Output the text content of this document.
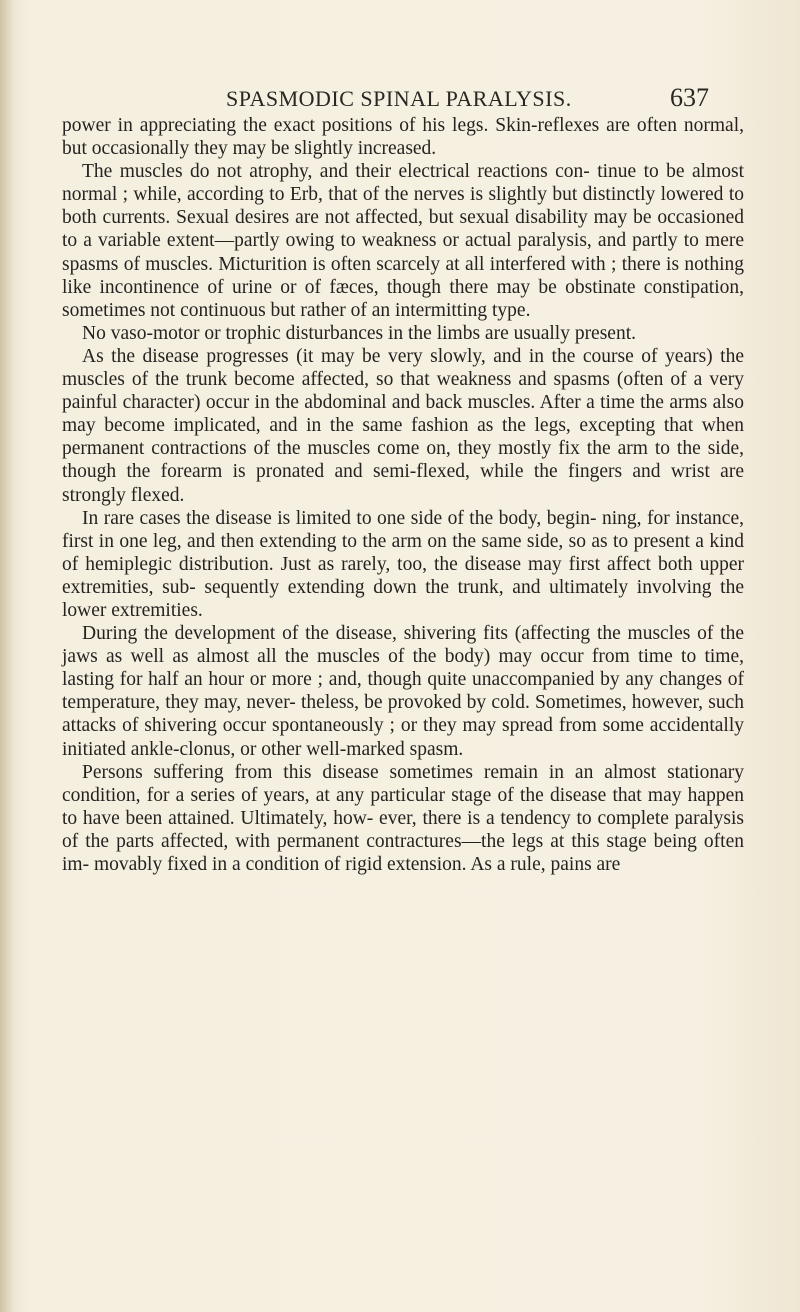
SPASMODIC SPINAL PARALYSIS.	637

power in appreciating the exact positions of his legs. Skin-reflexes are often normal, but occasionally they may be slightly increased.

The muscles do not atrophy, and their electrical reactions con- tinue to be almost normal ; while, according to Erb, that of the nerves is slightly but distinctly lowered to both currents. Sexual desires are not affected, but sexual disability may be occasioned to a variable extent—partly owing to weakness or actual paralysis, and partly to mere spasms of muscles. Micturition is often scarcely at all interfered with ; there is nothing like incontinence of urine or of fæces, though there may be obstinate constipation, sometimes not continuous but rather of an intermitting type.

No vaso-motor or trophic disturbances in the limbs are usually present.

As the disease progresses (it may be very slowly, and in the course of years) the muscles of the trunk become affected, so that weakness and spasms (often of a very painful character) occur in the abdominal and back muscles. After a time the arms also may become implicated, and in the same fashion as the legs, excepting that when permanent contractions of the muscles come on, they mostly fix the arm to the side, though the forearm is pronated and semi-flexed, while the fingers and wrist are strongly flexed.

In rare cases the disease is limited to one side of the body, begin- ning, for instance, first in one leg, and then extending to the arm on the same side, so as to present a kind of hemiplegic distribution. Just as rarely, too, the disease may first affect both upper extremities, sub- sequently extending down the trunk, and ultimately involving the lower extremities.

During the development of the disease, shivering fits (affecting the muscles of the jaws as well as almost all the muscles of the body) may occur from time to time, lasting for half an hour or more ; and, though quite unaccompanied by any changes of temperature, they may, never- theless, be provoked by cold. Sometimes, however, such attacks of shivering occur spontaneously ; or they may spread from some accidentally initiated ankle-clonus, or other well-marked spasm.

Persons suffering from this disease sometimes remain in an almost stationary condition, for a series of years, at any particular stage of the disease that may happen to have been attained. Ultimately, how- ever, there is a tendency to complete paralysis of the parts affected, with permanent contractures—the legs at this stage being often im- movably fixed in a condition of rigid extension. As a rule, pains are
